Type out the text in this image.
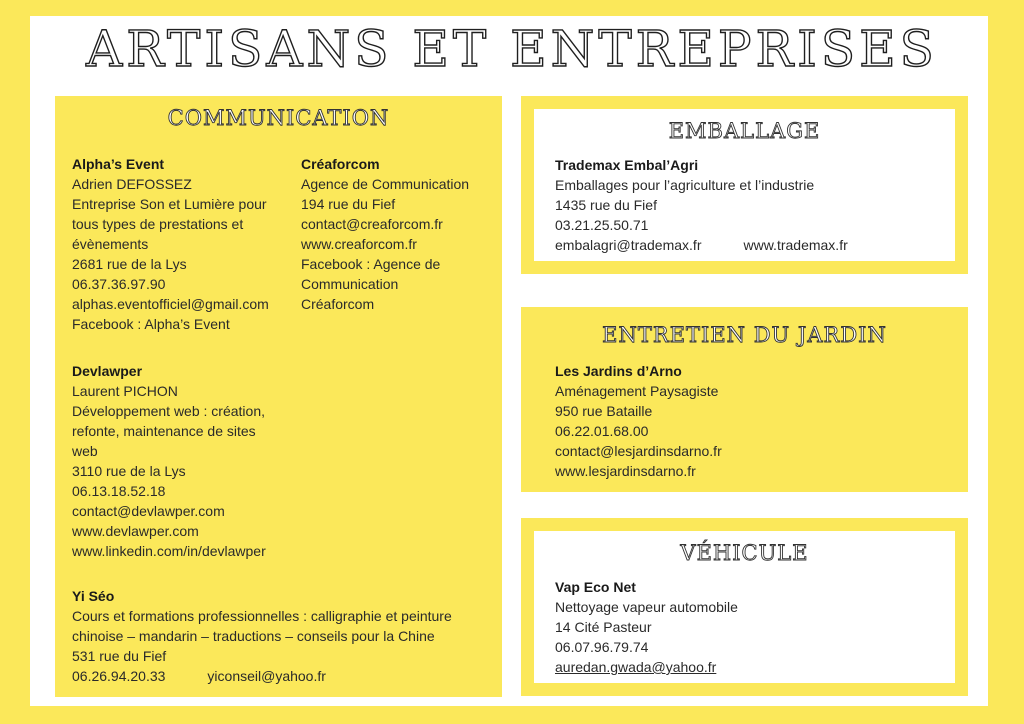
ARTISANS ET ENTREPRISES
COMMUNICATION
Alpha’s Event
Adrien DEFOSSEZ
Entreprise Son et Lumière pour
tous types de prestations et
évènements
2681 rue de la Lys
06.37.36.97.90
alphas.eventofficiel@gmail.com
Facebook : Alpha’s Event
Créaforcom
Agence de Communication
194 rue du Fief
contact@creaforcom.fr
www.creaforcom.fr
Facebook : Agence de
Communication
Créaforcom
Devlawper
Laurent PICHON
Développement web : création,
refonte, maintenance de sites
web
3110 rue de la Lys
06.13.18.52.18
contact@devlawper.com
www.devlawper.com
www.linkedin.com/in/devlawper
Yi Séo
Cours et formations professionnelles : calligraphie et peinture
chinoise – mandarin – traductions – conseils pour la Chine
531 rue du Fief
06.26.94.20.33	yiconseil@yahoo.fr
EMBALLAGE
Trademax Embal’Agri
Emballages pour l’agriculture et l’industrie
1435 rue du Fief
03.21.25.50.71
embalagri@trademax.fr	www.trademax.fr
ENTRETIEN DU JARDIN
Les Jardins d’Arno
Aménagement Paysagiste
950 rue Bataille
06.22.01.68.00
contact@lesjardinsdarno.fr
www.lesjardinsdarno.fr
VÉHICULE
Vap Eco Net
Nettoyage vapeur automobile
14 Cité Pasteur
06.07.96.79.74
auredan.gwada@yahoo.fr
